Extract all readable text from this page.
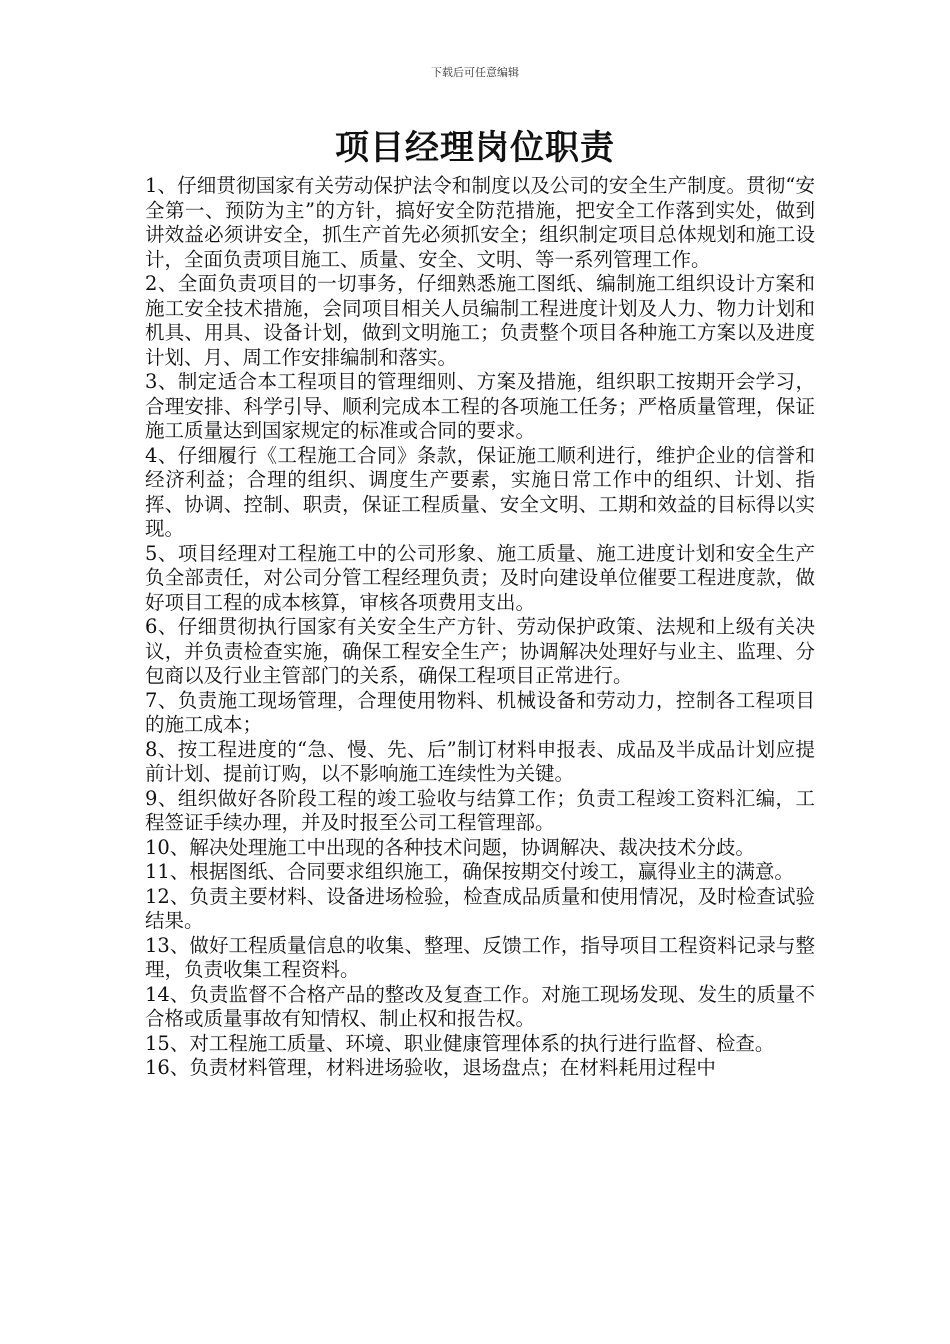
下载后可任意编辑
项目经理岗位职责

1、仔细贯彻国家有关劳动保护法令和制度以及公司的安全生产制度。贯彻“安全第一、预防为主”的方针，搞好安全防范措施，把安全工作落到实处，做到讲效益必须讲安全，抓生产首先必须抓安全；组织制定项目总体规划和施工设计，全面负责项目施工、质量、安全、文明、等一系列管理工作。

2、全面负责项目的一切事务，仔细熟悉施工图纸、编制施工组织设计方案和施工安全技术措施，会同项目相关人员编制工程进度计划及人力、物力计划和机具、用具、设备计划，做到文明施工；负责整个项目各种施工方案以及进度计划、月、周工作安排编制和落实。

3、制定适合本工程项目的管理细则、方案及措施，组织职工按期开会学习，合理安排、科学引导、顺利完成本工程的各项施工任务；严格质量管理，保证施工质量达到国家规定的标准或合同的要求。

4、仔细履行《工程施工合同》条款，保证施工顺利进行，维护企业的信誉和经济利益；合理的组织、调度生产要素，实施日常工作中的组织、计划、指挥、协调、控制、职责，保证工程质量、安全文明、工期和效益的目标得以实现。

5、项目经理对工程施工中的公司形象、施工质量、施工进度计划和安全生产负全部责任，对公司分管工程经理负责；及时向建设单位催要工程进度款，做好项目工程的成本核算，审核各项费用支出。

6、仔细贯彻执行国家有关安全生产方针、劳动保护政策、法规和上级有关决议，并负责检查实施，确保工程安全生产；协调解决处理好与业主、监理、分包商以及行业主管部门的关系，确保工程项目正常进行。

7、负责施工现场管理，合理使用物料、机械设备和劳动力，控制各工程项目的施工成本；

8、按工程进度的“急、慢、先、后”制订材料申报表、成品及半成品计划应提前计划、提前订购，以不影响施工连续性为关键。

9、组织做好各阶段工程的竣工验收与结算工作；负责工程竣工资料汇编，工程签证手续办理，并及时报至公司工程管理部。

10、解决处理施工中出现的各种技术问题，协调解决、裁决技术分歧。

11、根据图纸、合同要求组织施工，确保按期交付竣工，赢得业主的满意。

12、负责主要材料、设备进场检验，检查成品质量和使用情况，及时检查试验结果。

13、做好工程质量信息的收集、整理、反馈工作，指导项目工程资料记录与整理，负责收集工程资料。

14、负责监督不合格产品的整改及复查工作。对施工现场发现、发生的质量不合格或质量事故有知情权、制止权和报告权。

15、对工程施工质量、环境、职业健康管理体系的执行进行监督、检查。

16、负责材料管理，材料进场验收，退场盘点；在材料耗用过程中
